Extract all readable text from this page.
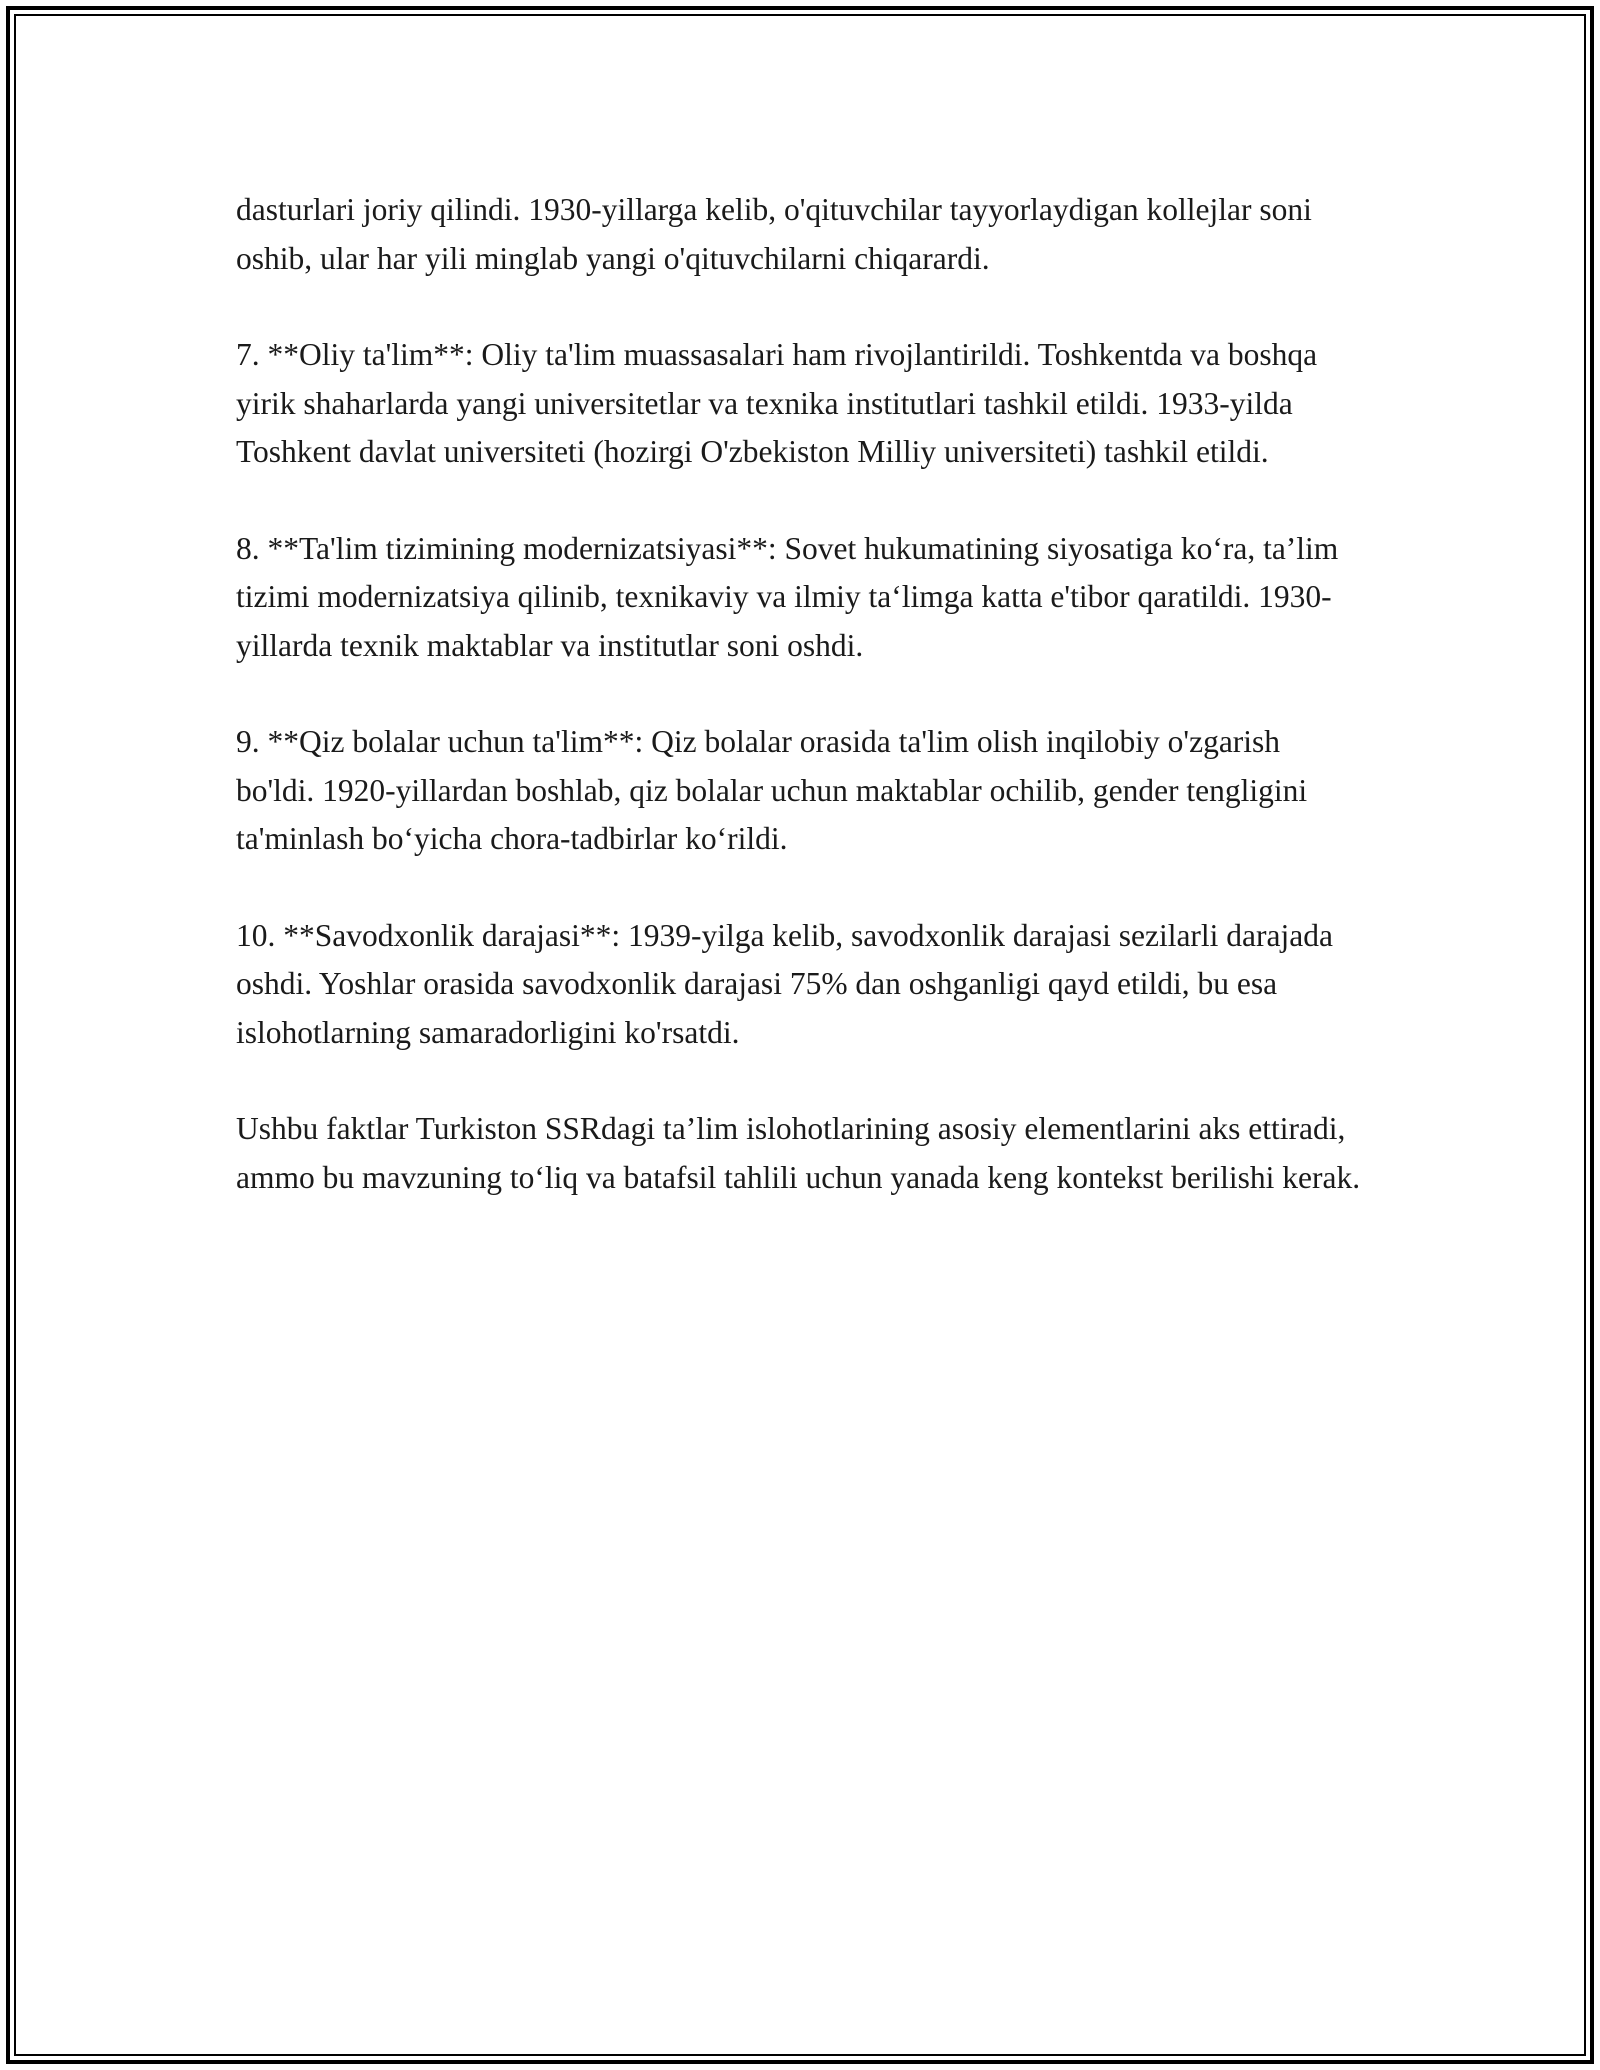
dasturlari joriy qilindi. 1930-yillarga kelib, o'qituvchilar tayyorlaydigan kollejlar soni oshib, ular har yili minglab yangi o'qituvchilarni chiqarardi.

7. **Oliy ta'lim**: Oliy ta'lim muassasalari ham rivojlantirildi. Toshkentda va boshqa yirik shaharlarda yangi universitetlar va texnika institutlari tashkil etildi. 1933-yilda Toshkent davlat universiteti (hozirgi O'zbekiston Milliy universiteti) tashkil etildi.

8. **Ta'lim tizimining modernizatsiyasi**: Sovet hukumatining siyosatiga ko‘ra, ta’lim tizimi modernizatsiya qilinib, texnikaviy va ilmiy ta‘limga katta e'tibor qaratildi. 1930-yillarda texnik maktablar va institutlar soni oshdi.

9. **Qiz bolalar uchun ta'lim**: Qiz bolalar orasida ta'lim olish inqilobiy o'zgarish bo'ldi. 1920-yillardan boshlab, qiz bolalar uchun maktablar ochilib, gender tengligini ta'minlash bo‘yicha chora-tadbirlar ko‘rildi.

10. **Savodxonlik darajasi**: 1939-yilga kelib, savodxonlik darajasi sezilarli darajada oshdi. Yoshlar orasida savodxonlik darajasi 75% dan oshganligi qayd etildi, bu esa islohotlarning samaradorligini ko'rsatdi.

Ushbu faktlar Turkiston SSRdagi ta’lim islohotlarining asosiy elementlarini aks ettiradi, ammo bu mavzuning to‘liq va batafsil tahlili uchun yanada keng kontekst berilishi kerak.
